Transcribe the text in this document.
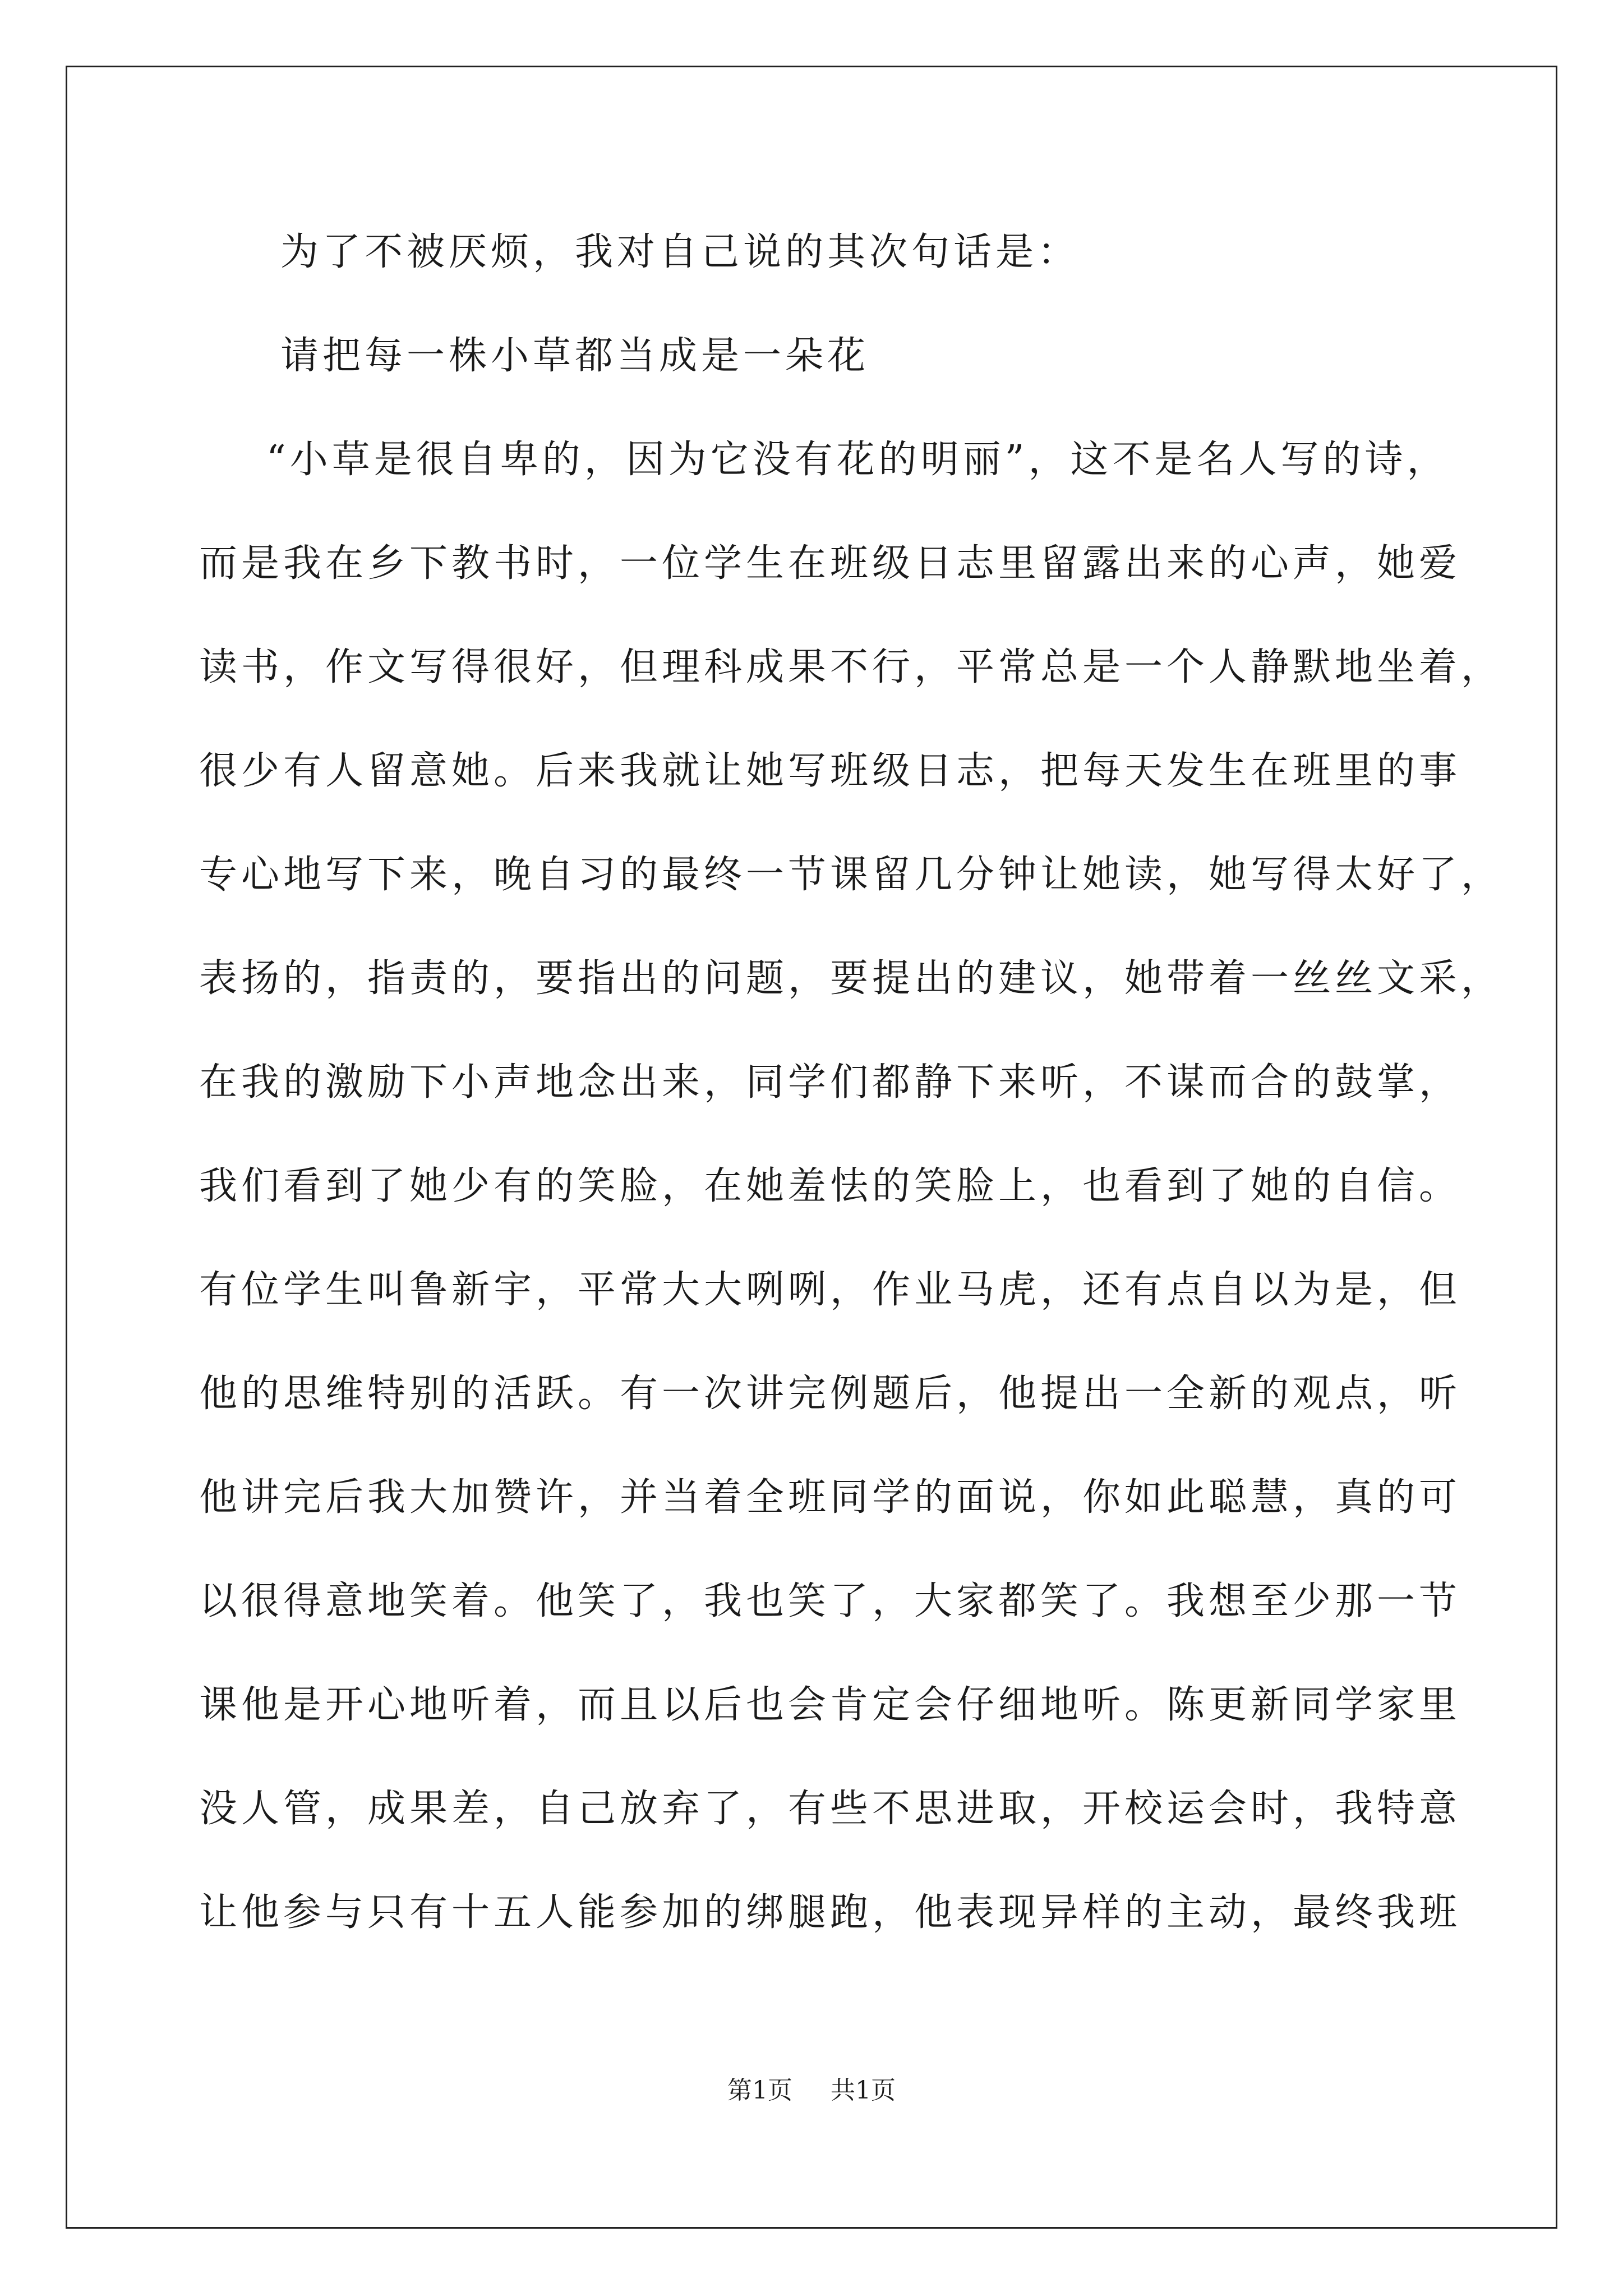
为了不被厌烦，我对自己说的其次句话是：
请把每一株小草都当成是一朵花
“小草是很自卑的，因为它没有花的明丽”，这不是名人写的诗，
而是我在乡下教书时，一位学生在班级日志里留露出来的心声，她爱
读书，作文写得很好，但理科成果不行，平常总是一个人静默地坐着，
很少有人留意她。后来我就让她写班级日志，把每天发生在班里的事
专心地写下来，晚自习的最终一节课留几分钟让她读，她写得太好了，
表扬的，指责的，要指出的问题，要提出的建议，她带着一丝丝文采，
在我的激励下小声地念出来，同学们都静下来听，不谋而合的鼓掌，
我们看到了她少有的笑脸，在她羞怯的笑脸上，也看到了她的自信。
有位学生叫鲁新宇，平常大大咧咧，作业马虎，还有点自以为是，但
他的思维特别的活跃。有一次讲完例题后，他提出一全新的观点，听
他讲完后我大加赞许，并当着全班同学的面说，你如此聪慧，真的可
以很得意地笑着。他笑了，我也笑了，大家都笑了。我想至少那一节
课他是开心地听着，而且以后也会肯定会仔细地听。陈更新同学家里
没人管，成果差，自己放弃了，有些不思进取，开校运会时，我特意
让他参与只有十五人能参加的绑腿跑，他表现异样的主动，最终我班
第1页 共1页
